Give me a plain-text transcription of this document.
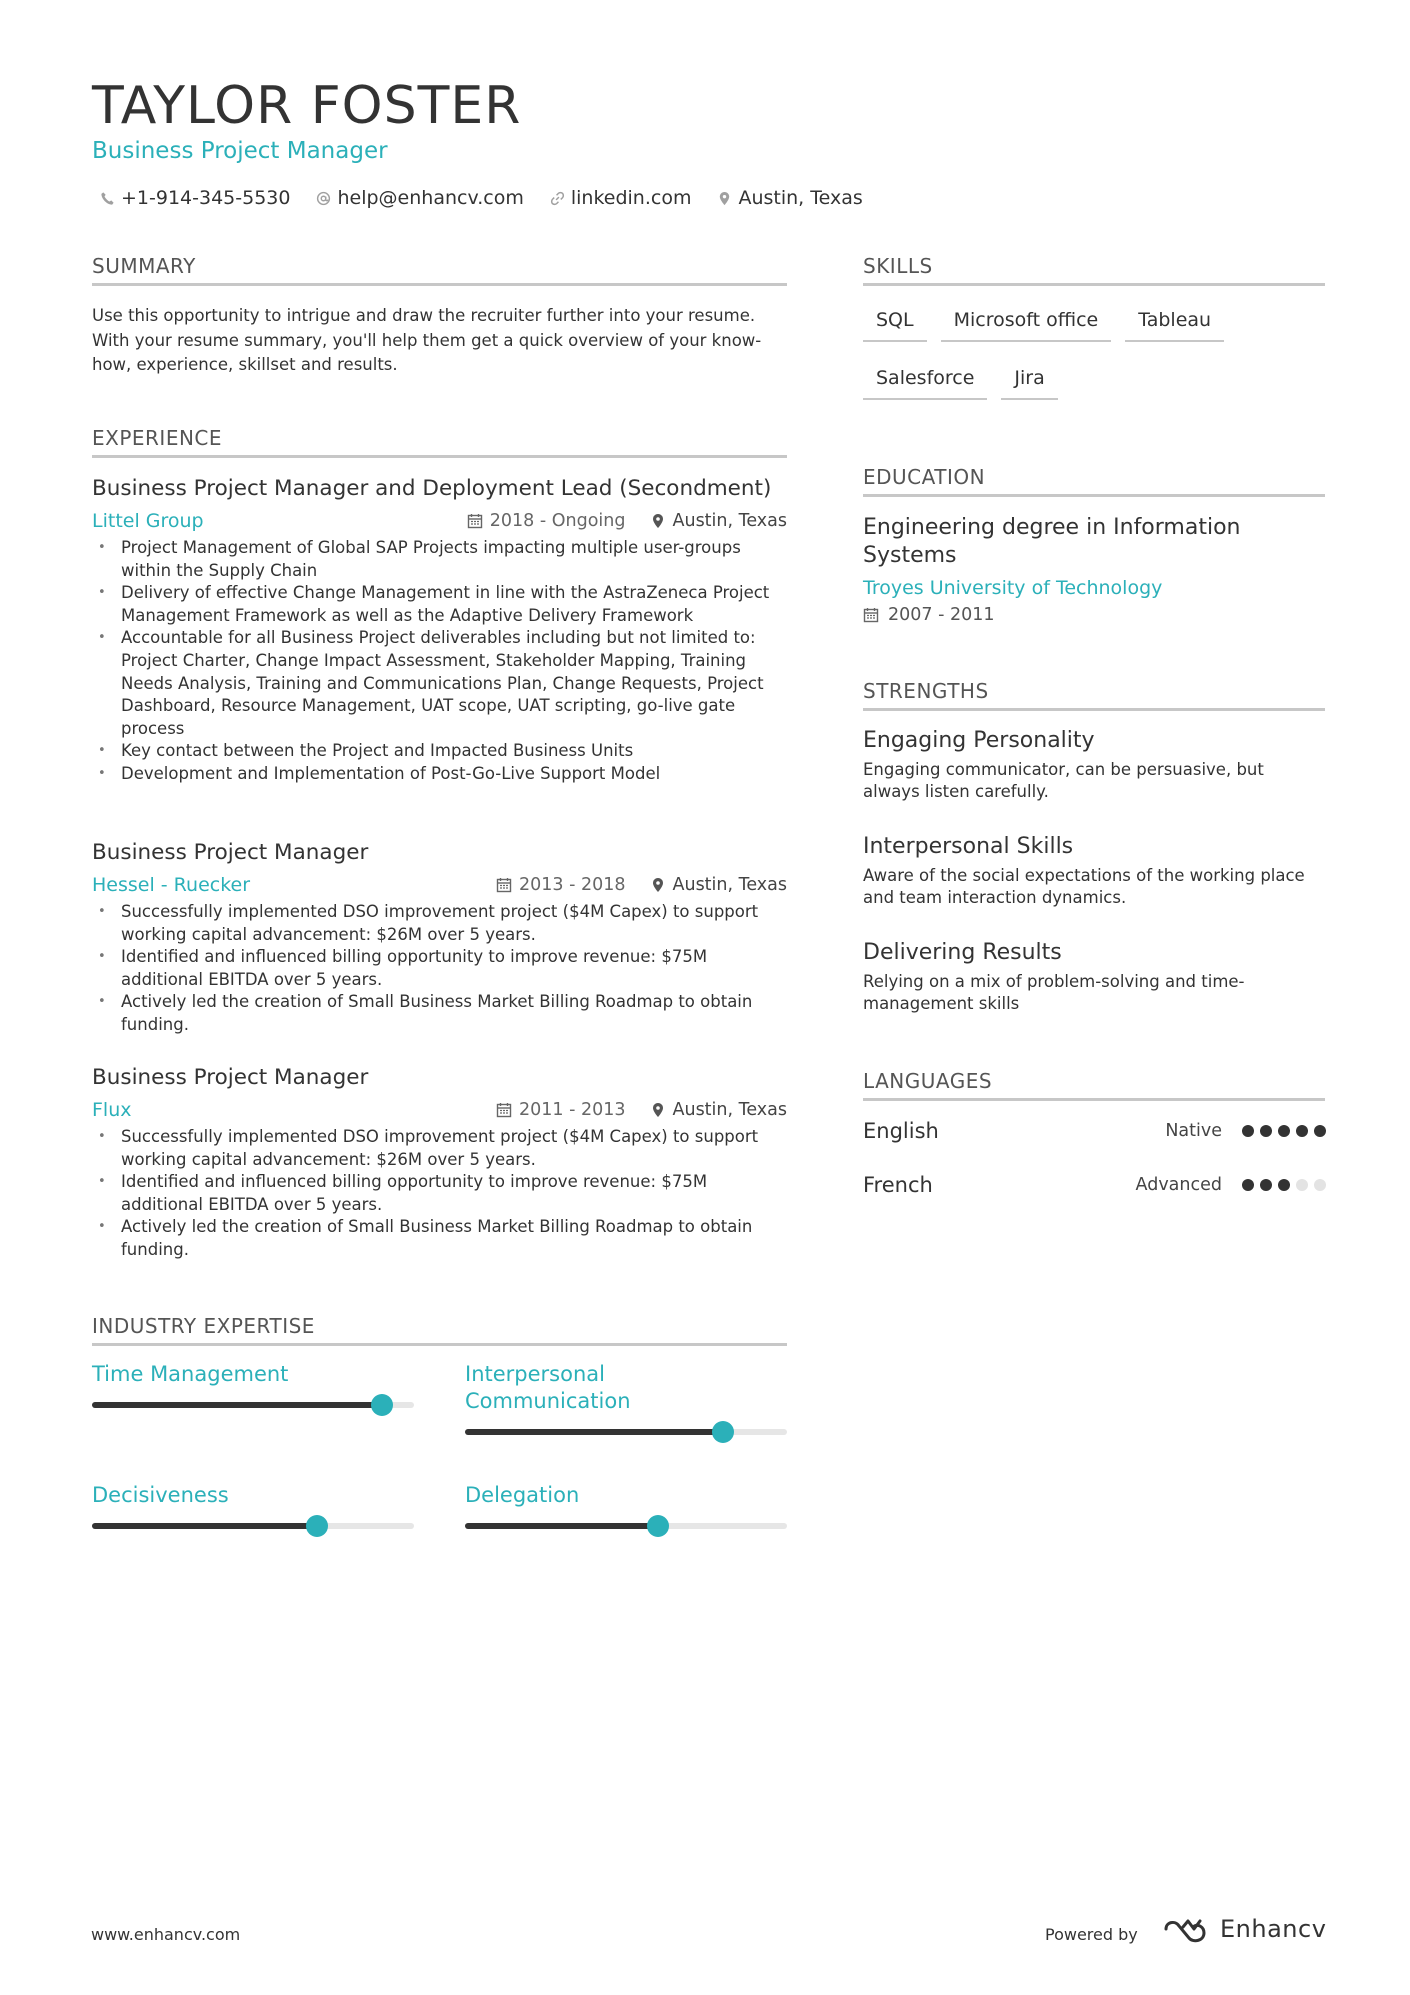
TAYLOR FOSTER
Business Project Manager
+1-914-345-5530 help@enhancv.com linkedin.com Austin, Texas
SUMMARY
Use this opportunity to intrigue and draw the recruiter further into your resume. With your resume summary, you'll help them get a quick overview of your know-how, experience, skillset and results.
EXPERIENCE
Business Project Manager and Deployment Lead (Secondment)
Littel Group	2018 - Ongoing	Austin, Texas
• Project Management of Global SAP Projects impacting multiple user-groups within the Supply Chain
• Delivery of effective Change Management in line with the AstraZeneca Project Management Framework as well as the Adaptive Delivery Framework
• Accountable for all Business Project deliverables including but not limited to: Project Charter, Change Impact Assessment, Stakeholder Mapping, Training Needs Analysis, Training and Communications Plan, Change Requests, Project Dashboard, Resource Management, UAT scope, UAT scripting, go-live gate process
• Key contact between the Project and Impacted Business Units
• Development and Implementation of Post-Go-Live Support Model
Business Project Manager
Hessel - Ruecker	2013 - 2018	Austin, Texas
• Successfully implemented DSO improvement project ($4M Capex) to support working capital advancement: $26M over 5 years.
• Identified and influenced billing opportunity to improve revenue: $75M additional EBITDA over 5 years.
• Actively led the creation of Small Business Market Billing Roadmap to obtain funding.
Business Project Manager
Flux	2011 - 2013	Austin, Texas
• Successfully implemented DSO improvement project ($4M Capex) to support working capital advancement: $26M over 5 years.
• Identified and influenced billing opportunity to improve revenue: $75M additional EBITDA over 5 years.
• Actively led the creation of Small Business Market Billing Roadmap to obtain funding.
INDUSTRY EXPERTISE
Time Management	Interpersonal Communication
Decisiveness	Delegation
SKILLS
SQL	Microsoft office	Tableau
Salesforce	Jira
EDUCATION
Engineering degree in Information Systems
Troyes University of Technology
2007 - 2011
STRENGTHS
Engaging Personality
Engaging communicator, can be persuasive, but always listen carefully.
Interpersonal Skills
Aware of the social expectations of the working place and team interaction dynamics.
Delivering Results
Relying on a mix of problem-solving and time-management skills
LANGUAGES
English	Native
French	Advanced
www.enhancv.com	Powered by	Enhancv
